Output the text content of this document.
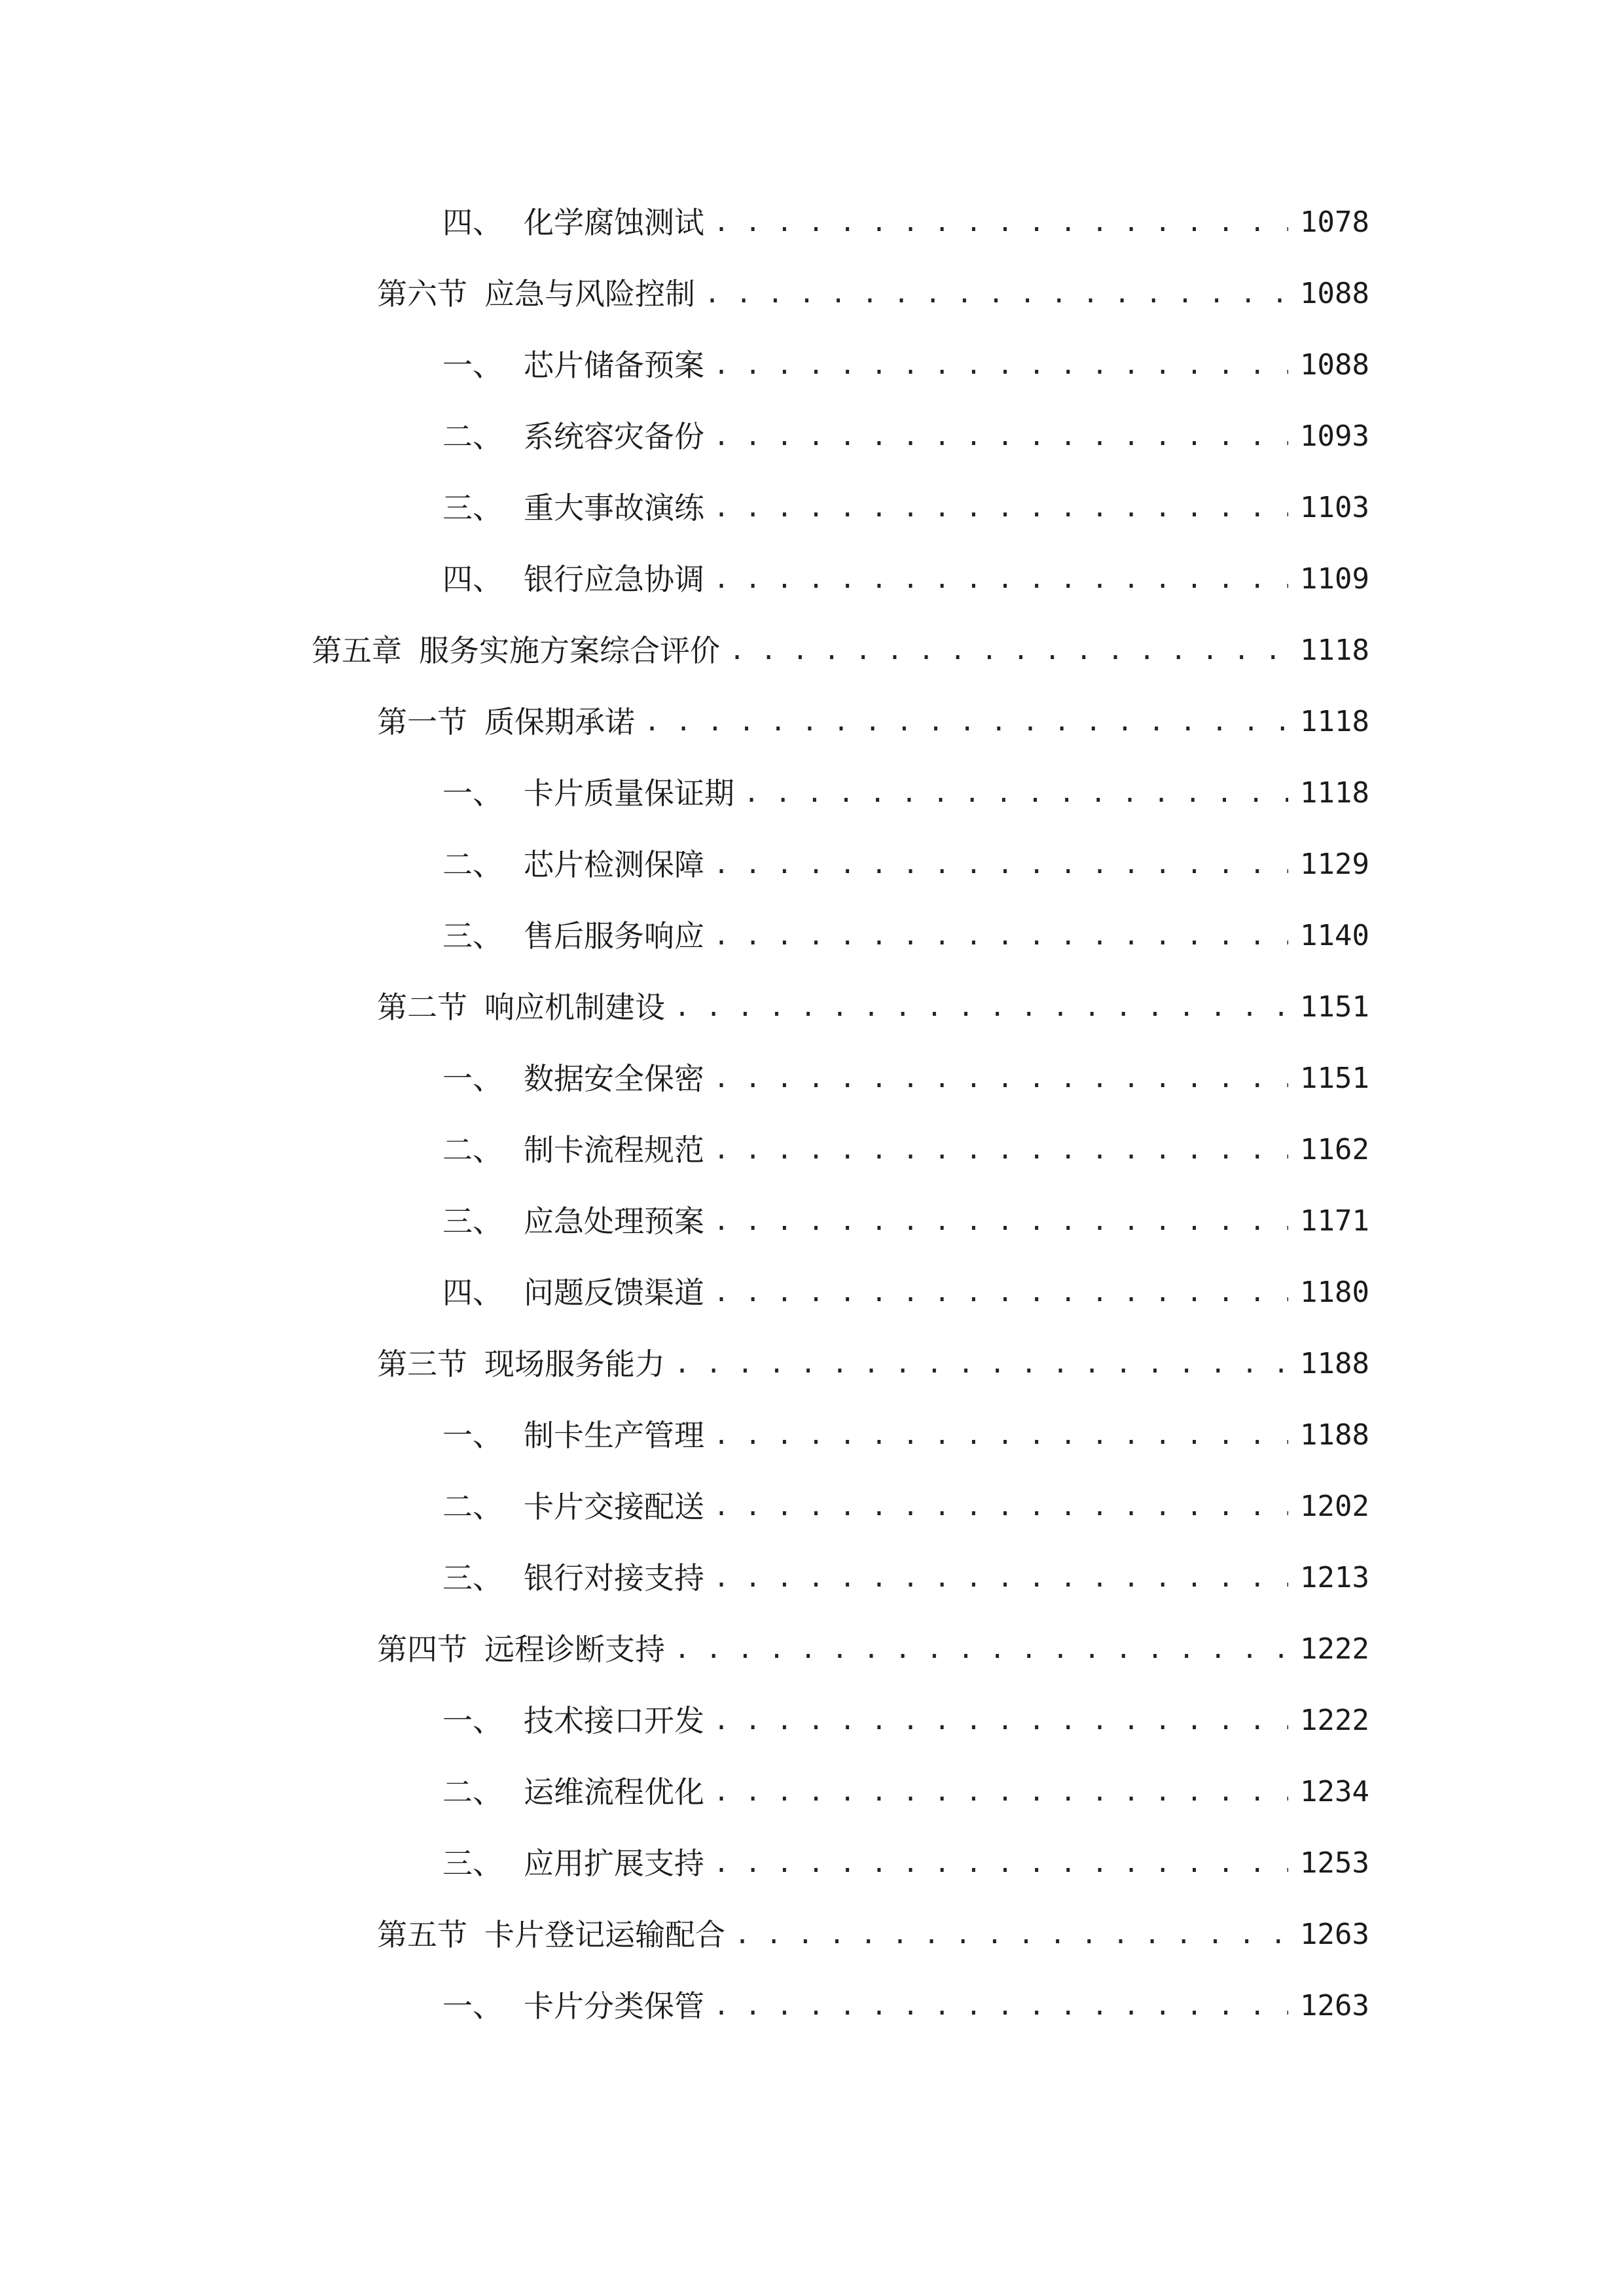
四、 化学腐蚀测试 . . .	1078
第六节 应急与风险控制 . . .	1088
一、 芯片储备预案 . . .	1088
二、 系统容灾备份 . . .	1093
三、 重大事故演练 . . .	1103
四、 银行应急协调 . . .	1109
第五章 服务实施方案综合评价 . . .	1118
第一节 质保期承诺 . . .	1118
一、 卡片质量保证期 . . .	1118
二、 芯片检测保障 . . .	1129
三、 售后服务响应 . . .	1140
第二节 响应机制建设 . . .	1151
一、 数据安全保密 . . .	1151
二、 制卡流程规范 . . .	1162
三、 应急处理预案 . . .	1171
四、 问题反馈渠道 . . .	1180
第三节 现场服务能力 . . .	1188
一、 制卡生产管理 . . .	1188
二、 卡片交接配送 . . .	1202
三、 银行对接支持 . . .	1213
第四节 远程诊断支持 . . .	1222
一、 技术接口开发 . . .	1222
二、 运维流程优化 . . .	1234
三、 应用扩展支持 . . .	1253
第五节 卡片登记运输配合 . . .	1263
一、 卡片分类保管 . . .	1263
